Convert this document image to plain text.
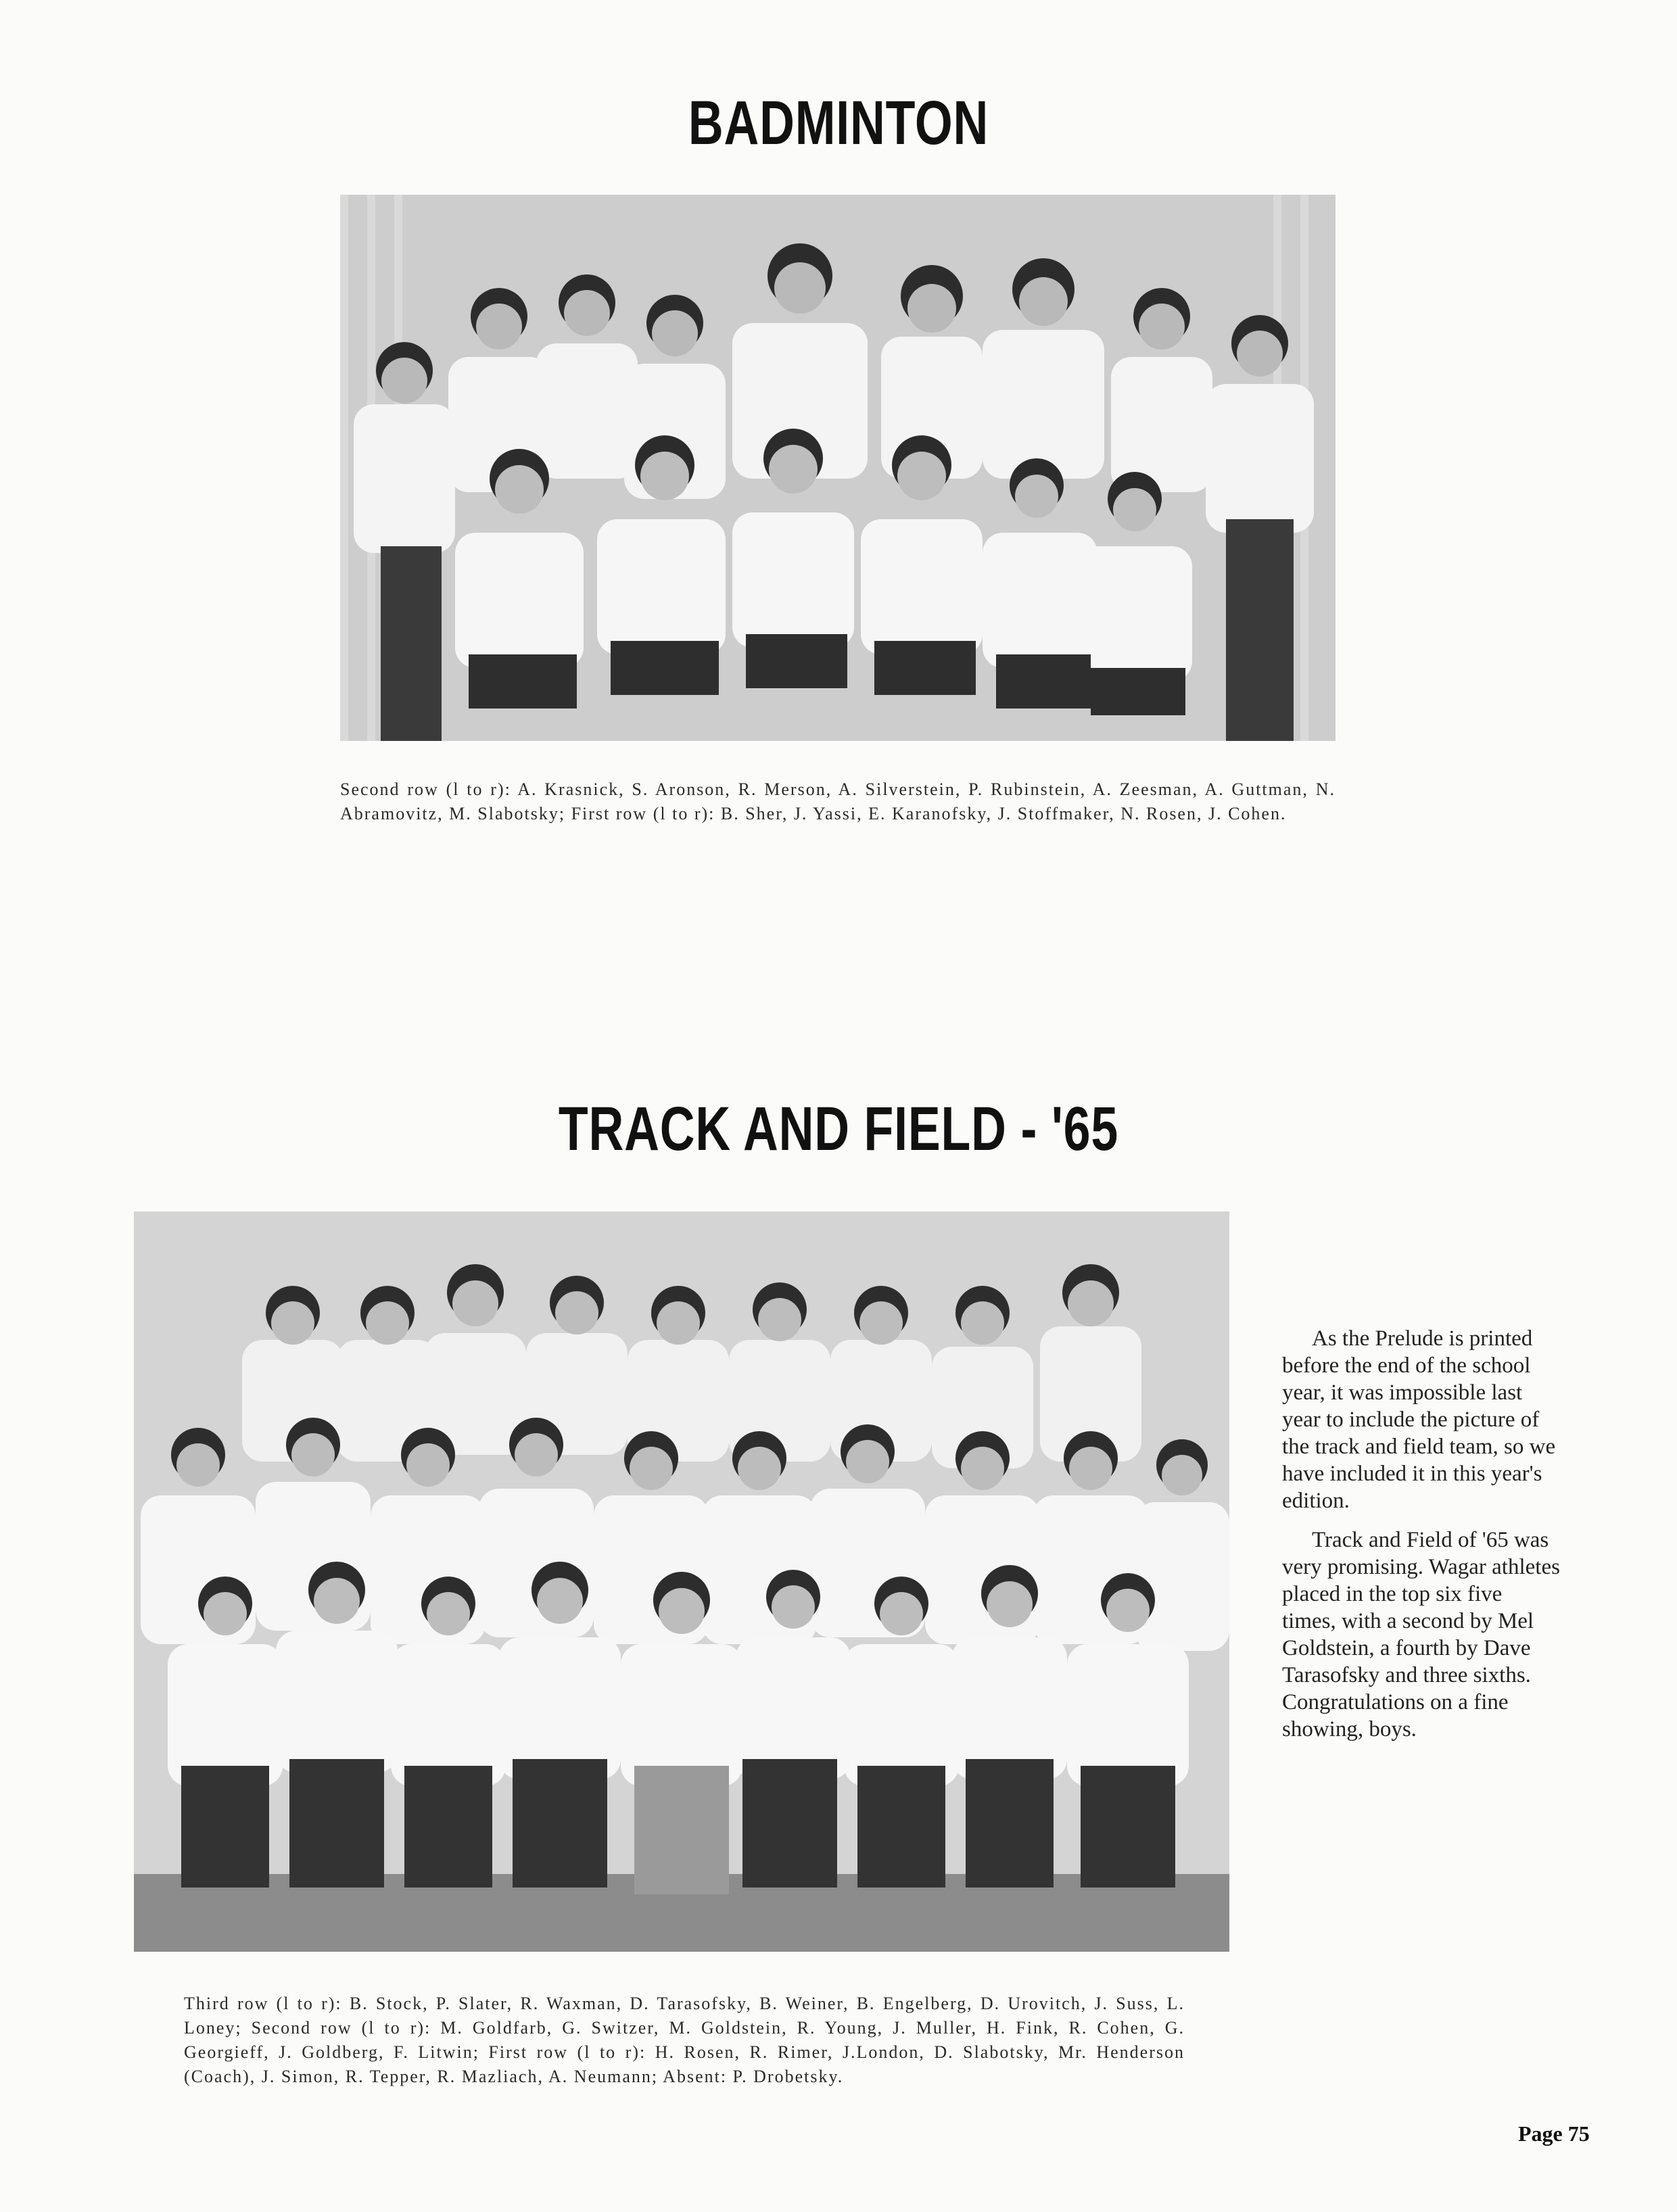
BADMINTON
Second row (l to r): A. Krasnick, S. Aronson, R. Merson, A. Silverstein, P. Rubinstein, A. Zeesman, A. Guttman, N. Abramovitz, M. Slabotsky; First row (l to r): B. Sher, J. Yassi, E. Karanofsky, J. Stoffmaker, N. Rosen, J. Cohen.
TRACK AND FIELD - '65

As the Prelude is printed before the end of the school year, it was impossible last year to include the picture of the track and field team, so we have included it in this year's edition.

Track and Field of '65 was very promising. Wagar athletes placed in the top six five times, with a second by Mel Goldstein, a fourth by Dave Tarasofsky and three sixths. Congratulations on a fine showing, boys.

Third row (l to r): B. Stock, P. Slater, R. Waxman, D. Tarasofsky, B. Weiner, B. Engelberg, D. Urovitch, J. Suss, L. Loney; Second row (l to r): M. Goldfarb, G. Switzer, M. Goldstein, R. Young, J. Muller, H. Fink, R. Cohen, G. Georgieff, J. Goldberg, F. Litwin; First row (l to r): H. Rosen, R. Rimer, J.London, D. Slabotsky, Mr. Henderson (Coach), J. Simon, R. Tepper, R. Mazliach, A. Neumann; Absent: P. Drobetsky.
Page 75
